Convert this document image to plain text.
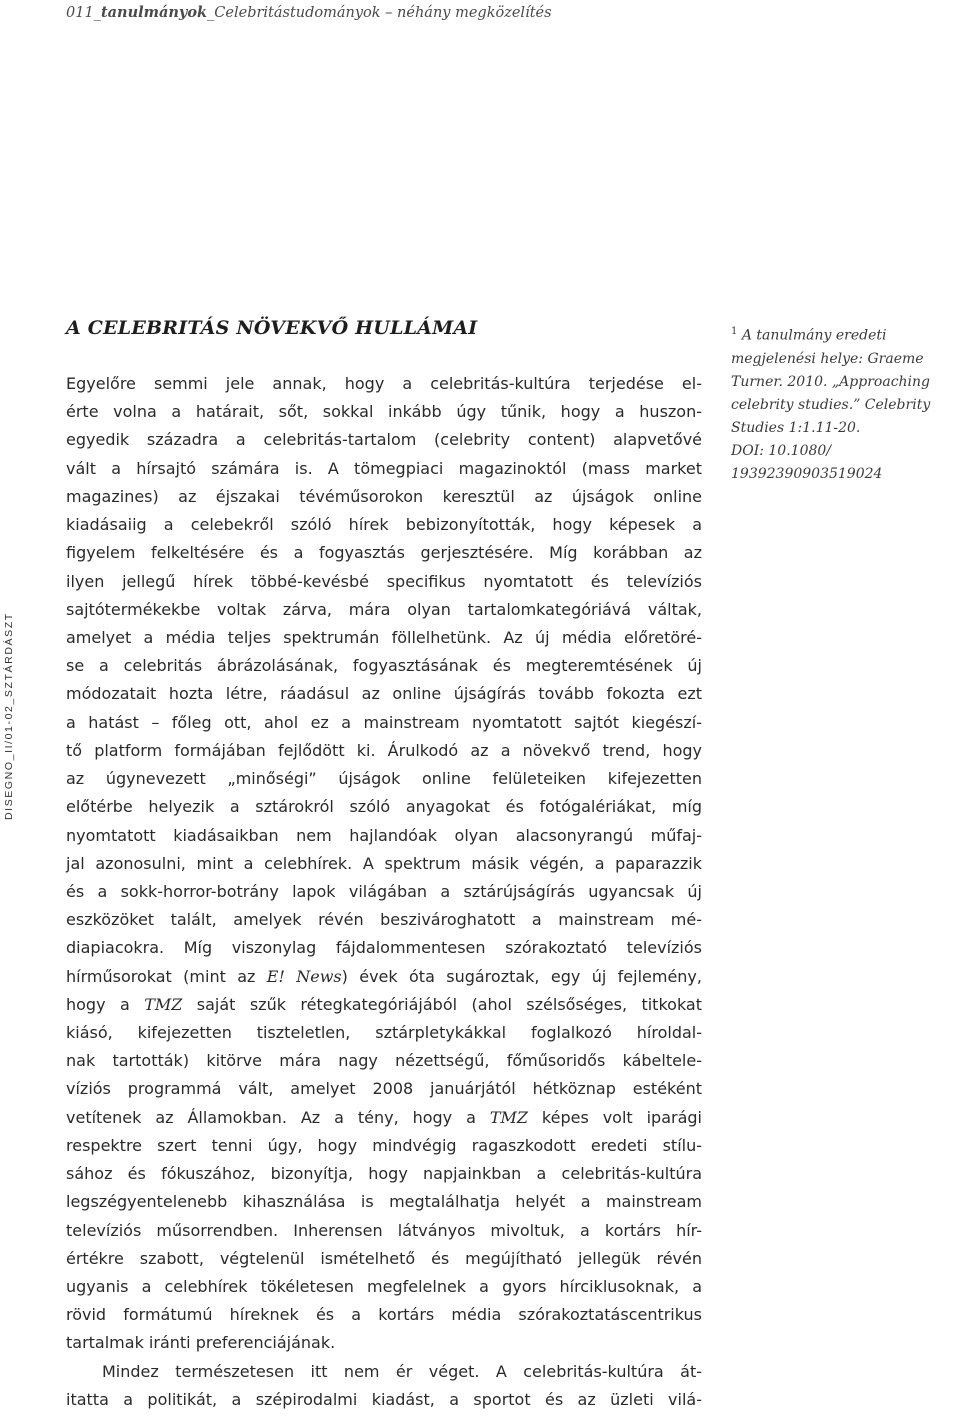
011_tanulmányok_Celebritástudományok – néhány megközelítés
DISEGNO_II/01-02_SZTÁRDÁSZT
A CELEBRITÁS NÖVEKVŐ HULLÁMAI
Egyelőre semmi jele annak, hogy a celebritás-kultúra terjedése el-
érte volna a határait, sőt, sokkal inkább úgy tűnik, hogy a huszon-
egyedik századra a celebritás-tartalom (celebrity content) alapvetővé
vált a hírsajtó számára is. A tömegpiaci magazinoktól (mass market
magazines) az éjszakai tévéműsorokon keresztül az újságok online
kiadásaiig a celebekről szóló hírek bebizonyították, hogy képesek a
figyelem felkeltésére és a fogyasztás gerjesztésére. Míg korábban az
ilyen jellegű hírek többé-kevésbé specifikus nyomtatott és televíziós
sajtótermékekbe voltak zárva, mára olyan tartalomkategóriává váltak,
amelyet a média teljes spektrumán föllelhetünk. Az új média előretöré-
se a celebritás ábrázolásának, fogyasztásának és megteremtésének új
módozatait hozta létre, ráadásul az online újságírás tovább fokozta ezt
a hatást – főleg ott, ahol ez a mainstream nyomtatott sajtót kiegészí-
tő platform formájában fejlődött ki. Árulkodó az a növekvő trend, hogy
az úgynevezett „minőségi” újságok online felületeiken kifejezetten
előtérbe helyezik a sztárokról szóló anyagokat és fotógalériákat, míg
nyomtatott kiadásaikban nem hajlandóak olyan alacsonyrangú műfaj-
jal azonosulni, mint a celebhírek. A spektrum másik végén, a paparazzik
és a sokk-horror-botrány lapok világában a sztárújságírás ugyancsak új
eszközöket talált, amelyek révén beszivároghatott a mainstream mé-
diapiacokra. Míg viszonylag fájdalommentesen szórakoztató televíziós
hírműsorokat (mint az E! News) évek óta sugároztak, egy új fejlemény,
hogy a TMZ saját szűk rétegkategóriájából (ahol szélsőséges, titkokat
kiásó, kifejezetten tiszteletlen, sztárpletykákkal foglalkozó híroldal-
nak tartották) kitörve mára nagy nézettségű, főműsoridős kábeltele-
víziós programmá vált, amelyet 2008 januárjától hétköznap estéként
vetítenek az Államokban. Az a tény, hogy a TMZ képes volt iparági
respektre szert tenni úgy, hogy mindvégig ragaszkodott eredeti stílu-
sához és fókuszához, bizonyítja, hogy napjainkban a celebritás-kultúra
legszégyentelenebb kihasználása is megtalálhatja helyét a mainstream
televíziós műsorrendben. Inherensen látványos mivoltuk, a kortárs hír-
értékre szabott, végtelenül ismételhető és megújítható jellegük révén
ugyanis a celebhírek tökéletesen megfelelnek a gyors hírciklusoknak, a
rövid formátumú híreknek és a kortárs média szórakoztatáscentrikus
tartalmak iránti preferenciájának.
Mindez természetesen itt nem ér véget. A celebritás-kultúra át-
itatta a politikát, a szépirodalmi kiadást, a sportot és az üzleti vilá-
$^1$ A tanulmány eredeti
megjelenési helye: Graeme
Turner. 2010. „Approaching
celebrity studies.” Celebrity
Studies 1:1.11-20.
DOI: 10.1080/
19392390903519024
